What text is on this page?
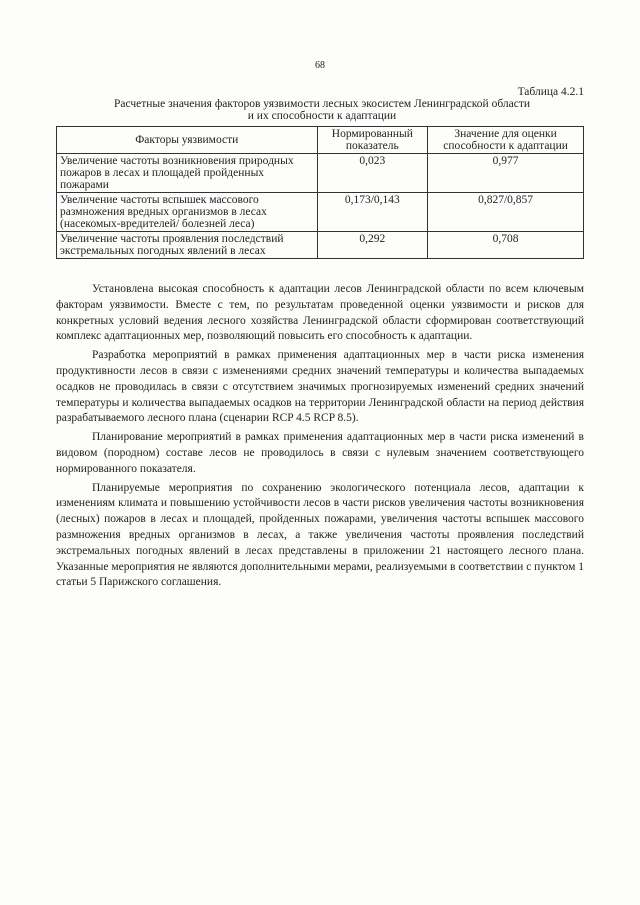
68
Таблица 4.2.1
Расчетные значения факторов уязвимости лесных экосистем Ленинградской области
и их способности к адаптации
Факторы уязвимости	Нормированный показатель	Значение для оценки способности к адаптации
Увеличение частоты возникновения природных пожаров в лесах и площадей пройденных пожарами	0,023	0,977
Увеличение частоты вспышек массового размножения вредных организмов в лесах (насекомых-вредителей/ болезней леса)	0,173/0,143	0,827/0,857
Увеличение частоты проявления последствий экстремальных погодных явлений в лесах	0,292	0,708

Установлена высокая способность к адаптации лесов Ленинградской области по всем ключевым факторам уязвимости. Вместе с тем, по результатам проведенной оценки уязвимости и рисков для конкретных условий ведения лесного хозяйства Ленинградской области сформирован соответствующий комплекс адаптационных мер, позволяющий повысить его способность к адаптации.

Разработка мероприятий в рамках применения адаптационных мер в части риска изменения продуктивности лесов в связи с изменениями средних значений температуры и количества выпадаемых осадков не проводилась в связи с отсутствием значимых прогнозируемых изменений средних значений температуры и количества выпадаемых осадков на территории Ленинградской области на период действия разрабатываемого лесного плана (сценарии RCP 4.5 RCP 8.5).

Планирование мероприятий в рамках применения адаптационных мер в части риска изменений в видовом (породном) составе лесов не проводилось в связи с нулевым значением соответствующего нормированного показателя.

Планируемые мероприятия по сохранению экологического потенциала лесов, адаптации к изменениям климата и повышению устойчивости лесов в части рисков увеличения частоты возникновения (лесных) пожаров в лесах и площадей, пройденных пожарами, увеличения частоты вспышек массового размножения вредных организмов в лесах, а также увеличения частоты проявления последствий экстремальных погодных явлений в лесах представлены в приложении 21 настоящего лесного плана. Указанные мероприятия не являются дополнительными мерами, реализуемыми в соответствии с пунктом 1 статьи 5 Парижского соглашения.
